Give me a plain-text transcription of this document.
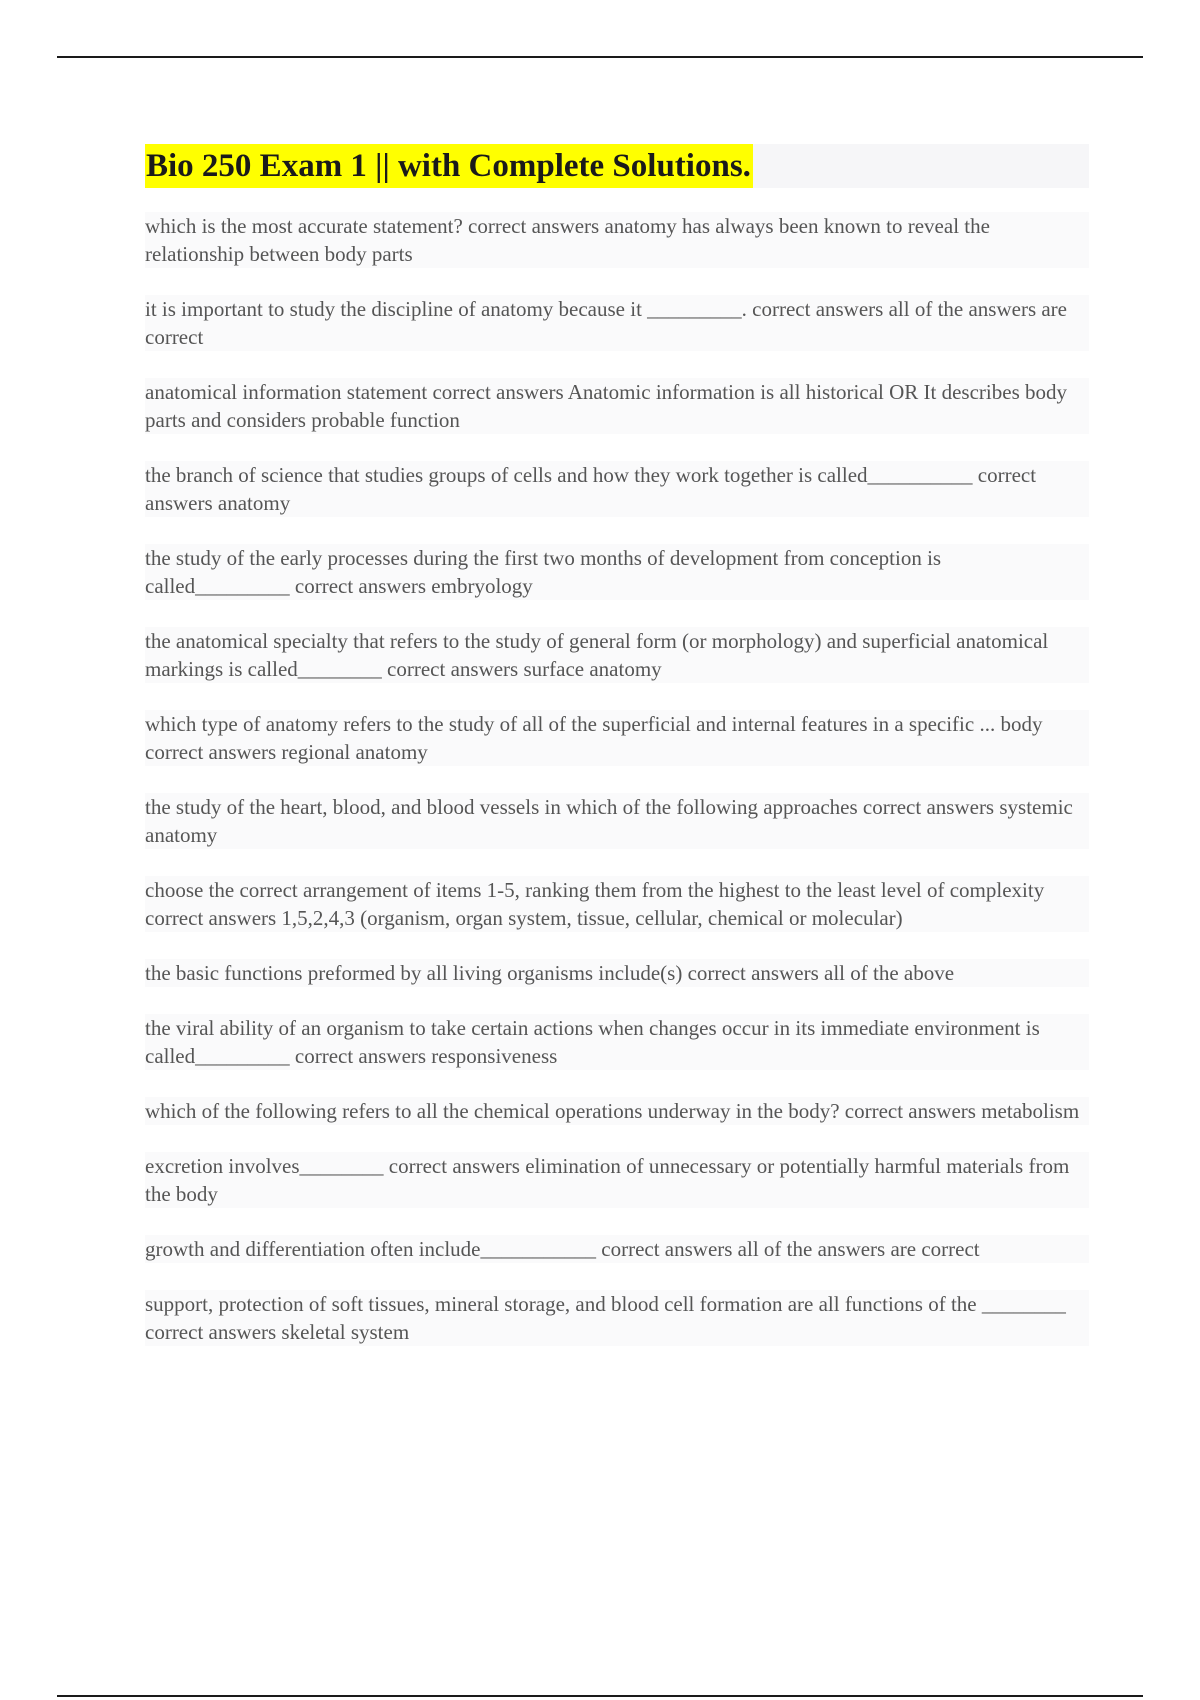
Bio 250 Exam 1 || with Complete Solutions.
which is the most accurate statement? correct answers anatomy has always been known to reveal the relationship between body parts
it is important to study the discipline of anatomy because it _________. correct answers all of the answers are correct
anatomical information statement correct answers Anatomic information is all historical OR It describes body parts and considers probable function
the branch of science that studies groups of cells and how they work together is called__________ correct answers anatomy
the study of the early processes during the first two months of development from conception is called_________ correct answers embryology
the anatomical specialty that refers to the study of general form (or morphology) and superficial anatomical markings is called________ correct answers surface anatomy
which type of anatomy refers to the study of all of the superficial and internal features in a specific ... body correct answers regional anatomy
the study of the heart, blood, and blood vessels in which of the following approaches correct answers systemic anatomy
choose the correct arrangement of items 1-5, ranking them from the highest to the least level of complexity correct answers 1,5,2,4,3 (organism, organ system, tissue, cellular, chemical or molecular)
the basic functions preformed by all living organisms include(s) correct answers all of the above
the viral ability of an organism to take certain actions when changes occur in its immediate environment is called_________ correct answers responsiveness
which of the following refers to all the chemical operations underway in the body? correct answers metabolism
excretion involves________ correct answers elimination of unnecessary or potentially harmful materials from the body
growth and differentiation often include___________ correct answers all of the answers are correct
support, protection of soft tissues, mineral storage, and blood cell formation are all functions of the ________ correct answers skeletal system
